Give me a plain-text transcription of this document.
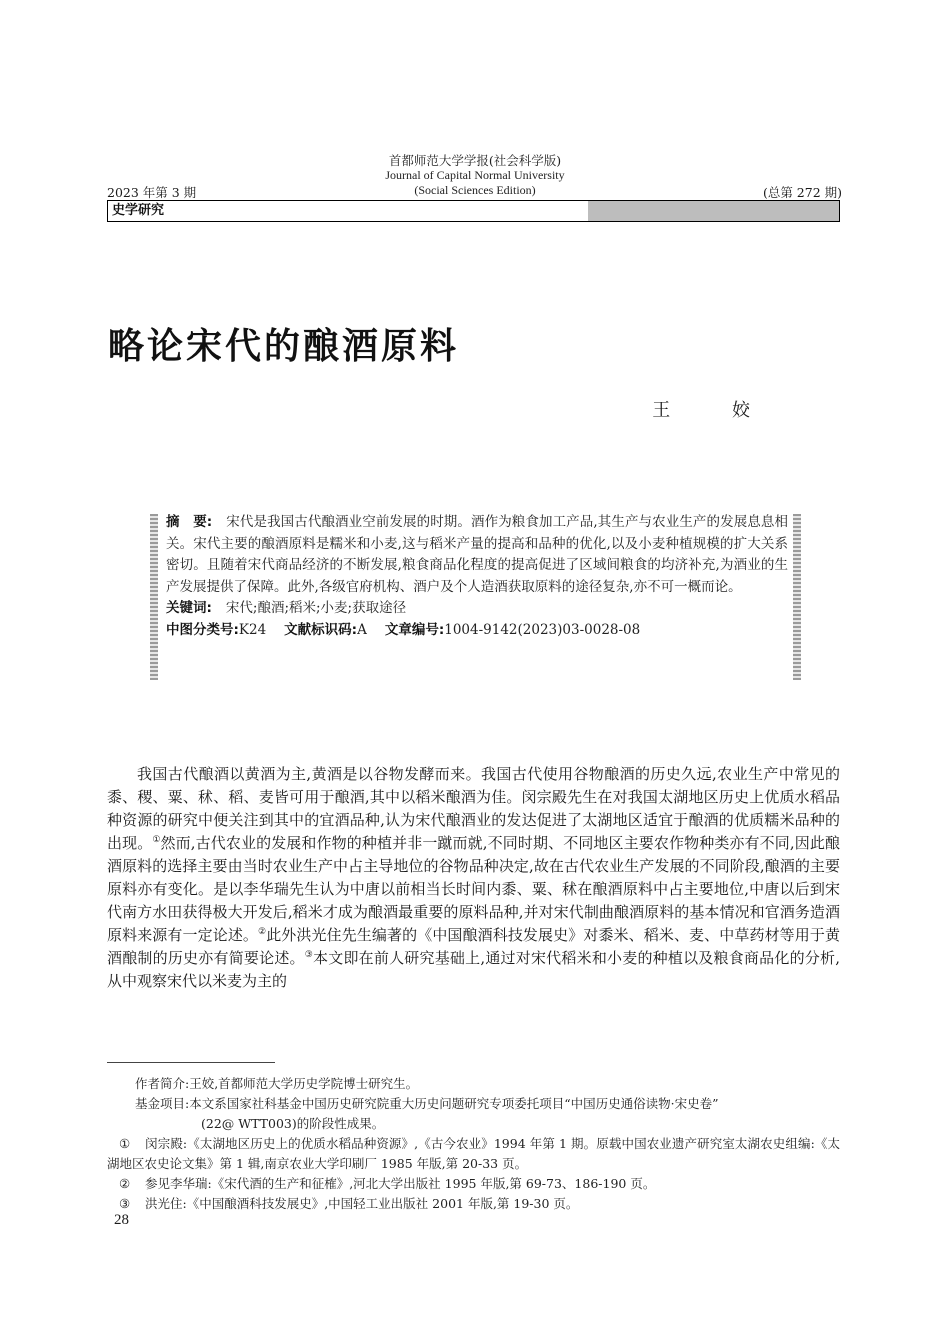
首都师范大学学报(社会科学版)
Journal of Capital Normal University
(Social Sciences Edition)
2023 年第 3 期	(总第 272 期)
史学研究
略论宋代的酿酒原料
王 姣
摘　要: 宋代是我国古代酿酒业空前发展的时期。酒作为粮食加工产品,其生产与农业生产的发展息息相关。宋代主要的酿酒原料是糯米和小麦,这与稻米产量的提高和品种的优化,以及小麦种植规模的扩大关系密切。且随着宋代商品经济的不断发展,粮食商品化程度的提高促进了区域间粮食的均济补充,为酒业的生产发展提供了保障。此外,各级官府机构、酒户及个人造酒获取原料的途径复杂,亦不可一概而论。
关键词: 宋代;酿酒;稻米;小麦;获取途径
中图分类号:K24 文献标识码:A 文章编号:1004-9142(2023)03-0028-08

我国古代酿酒以黄酒为主,黄酒是以谷物发酵而来。我国古代使用谷物酿酒的历史久远,农业生产中常见的黍、稷、粟、秫、稻、麦皆可用于酿酒,其中以稻米酿酒为佳。闵宗殿先生在对我国太湖地区历史上优质水稻品种资源的研究中便关注到其中的宜酒品种,认为宋代酿酒业的发达促进了太湖地区适宜于酿酒的优质糯米品种的出现。①然而,古代农业的发展和作物的种植并非一蹴而就,不同时期、不同地区主要农作物种类亦有不同,因此酿酒原料的选择主要由当时农业生产中占主导地位的谷物品种决定,故在古代农业生产发展的不同阶段,酿酒的主要原料亦有变化。是以李华瑞先生认为中唐以前相当长时间内黍、粟、秫在酿酒原料中占主要地位,中唐以后到宋代南方水田获得极大开发后,稻米才成为酿酒最重要的原料品种,并对宋代制曲酿酒原料的基本情况和官酒务造酒原料来源有一定论述。②此外洪光住先生编著的《中国酿酒科技发展史》对黍米、稻米、麦、中草药材等用于黄酒酿制的历史亦有简要论述。③本文即在前人研究基础上,通过对宋代稻米和小麦的种植以及粮食商品化的分析,从中观察宋代以米麦为主的

作者简介:王姣,首都师范大学历史学院博士研究生。
基金项目:本文系国家社科基金中国历史研究院重大历史问题研究专项委托项目“中国历史通俗读物·宋史卷”
(22@ WTT003)的阶段性成果。
① 闵宗殿:《太湖地区历史上的优质水稻品种资源》,《古今农业》1994 年第 1 期。原载中国农业遗产研究室太湖农史组编:《太湖地区农史论文集》第 1 辑,南京农业大学印刷厂 1985 年版,第 20-33 页。
② 参见李华瑞:《宋代酒的生产和征榷》,河北大学出版社 1995 年版,第 69-73、186-190 页。
③ 洪光住:《中国酿酒科技发展史》,中国轻工业出版社 2001 年版,第 19-30 页。
28
